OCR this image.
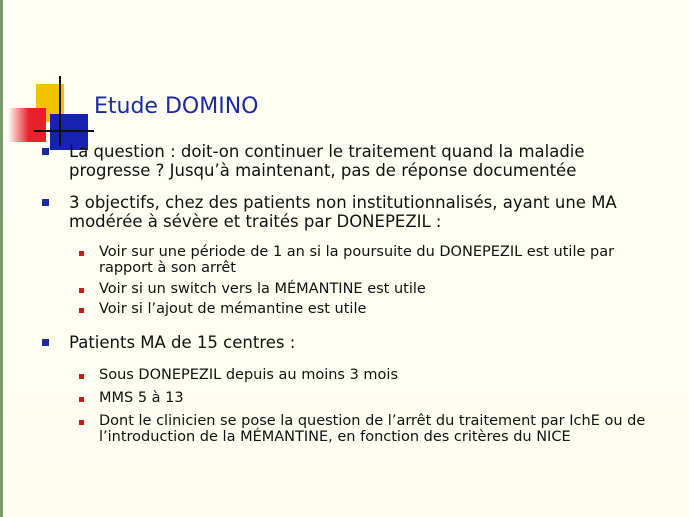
Etude DOMINO
La question : doit-on continuer le traitement quand la maladie progresse ? Jusqu’à maintenant, pas de réponse documentée
3 objectifs, chez des patients non institutionnalisés, ayant une MA modérée à sévère et traités par DONEPEZIL :
Voir sur une période de 1 an si la poursuite du DONEPEZIL est utile par rapport à son arrêt
Voir si un switch vers la MÉMANTINE est utile
Voir si l’ajout de mémantine est utile
Patients MA de 15 centres :
Sous DONEPEZIL depuis au moins 3 mois
MMS 5 à 13
Dont le clinicien se pose la question de l’arrêt du traitement par IchE ou de l’introduction de la MÉMANTINE, en fonction des critères du NICE
